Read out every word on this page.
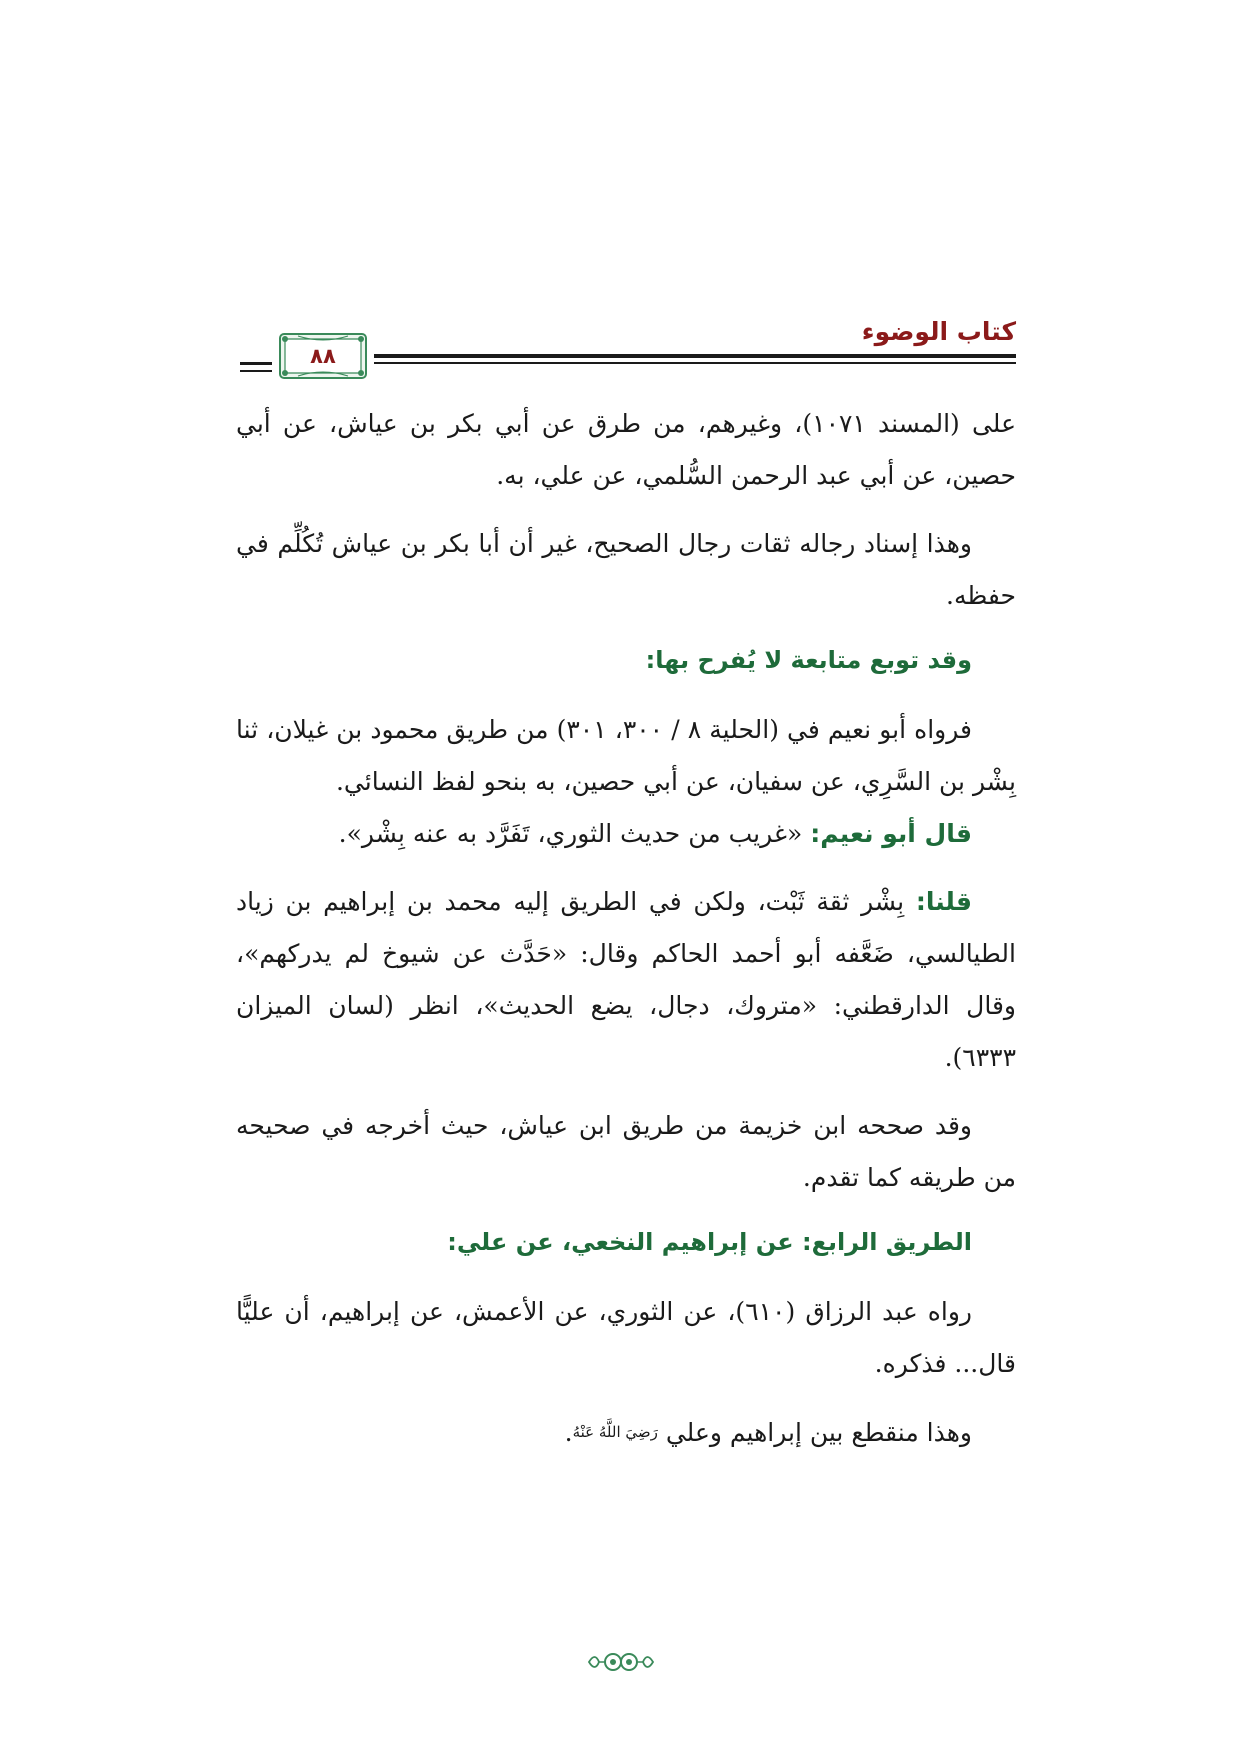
كتاب الوضوء
٨٨

على (المسند ١٠٧١)، وغيرهم، من طرق عن أبي بكر بن عياش، عن أبي حصين، عن أبي عبد الرحمن السُّلمي، عن علي، به.

وهذا إسناد رجاله ثقات رجال الصحيح، غير أن أبا بكر بن عياش تُكُلِّم في حفظه.

وقد توبع متابعة لا يُفرح بها:

فرواه أبو نعيم في (الحلية ٨ / ٣٠٠، ٣٠١) من طريق محمود بن غيلان، ثنا بِشْر بن السَّرِي، عن سفيان، عن أبي حصين، به بنحو لفظ النسائي.

قال أبو نعيم: «غريب من حديث الثوري، تَفَرَّد به عنه بِشْر».

قلنا: بِشْر ثقة ثَبْت، ولكن في الطريق إليه محمد بن إبراهيم بن زياد الطيالسي، ضَعَّفه أبو أحمد الحاكم وقال: «حَدَّث عن شيوخ لم يدركهم»، وقال الدارقطني: «متروك، دجال، يضع الحديث»، انظر (لسان الميزان ٦٣٣٣).

وقد صححه ابن خزيمة من طريق ابن عياش، حيث أخرجه في صحيحه من طريقه كما تقدم.

الطريق الرابع: عن إبراهيم النخعي، عن علي:

رواه عبد الرزاق (٦١٠)، عن الثوري، عن الأعمش، عن إبراهيم، أن عليًّا قال... فذكره.

وهذا منقطع بين إبراهيم وعلي رَضِيَ اللَّهُ عَنْهُ.
